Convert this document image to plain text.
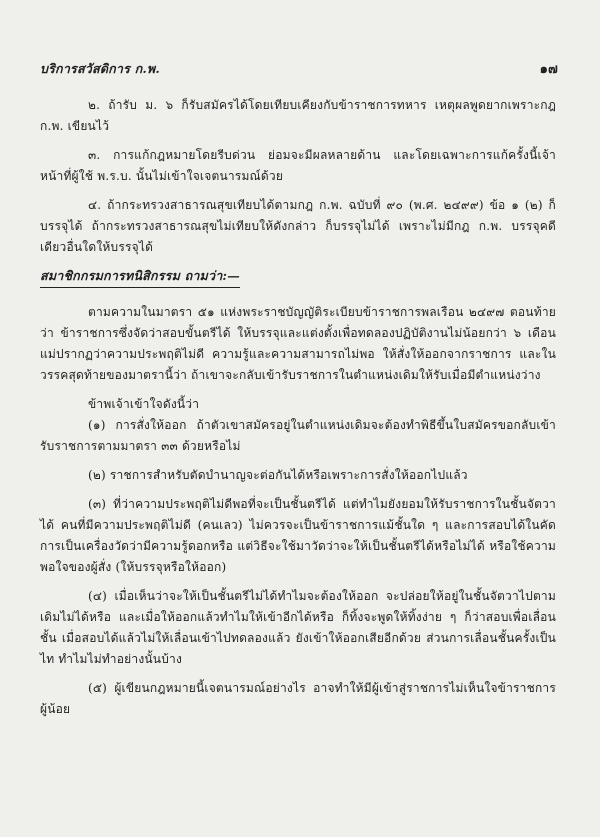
บริการสวัสดิการ ก.พ.	๑๗

๒. ถ้ารับ ม. ๖ ก็รับสมัครได้โดยเทียบเคียงกับข้าราชการทหาร เหตุผลพูดยากเพราะกฎ ก.พ. เขียนไว้

๓. การแก้กฎหมายโดยรีบด่วน ย่อมจะมีผลหลายด้าน และโดยเฉพาะการแก้ครั้งนี้เจ้าหน้าที่ผู้ใช้ พ.ร.บ. นั้นไม่เข้าใจเจตนารมณ์ด้วย

๔. ถ้ากระทรวงสาธารณสุขเทียบได้ตามกฎ ก.พ. ฉบับที่ ๙๐ (พ.ศ. ๒๔๙๙) ข้อ ๑ (๒) ก็บรรจุได้ ถ้ากระทรวงสาธารณสุขไม่เทียบให้ดังกล่าว ก็บรรจุไม่ได้ เพราะไม่มีกฎ ก.พ. บรรจุคดีเดียวอื่นใดให้บรรจุได้

สมาชิกกรมการทนิสิกรรม ถามว่า:—

ตามความในมาตรา ๕๑ แห่งพระราชบัญญัติระเบียบข้าราชการพลเรือน ๒๔๙๗ ตอนท้ายว่า ข้าราชการซึ่งจัดว่าสอบขั้นตรีได้ ให้บรรจุและแต่งตั้งเพื่อทดลองปฏิบัติงานไม่น้อยกว่า ๖ เดือนแม่ปรากฏว่าความประพฤติไม่ดี ความรู้และความสามารถไม่พอ ให้สั่งให้ออกจากราชการ และในวรรคสุดท้ายของมาตรานี้ว่า ถ้าเขาจะกลับเข้ารับราชการในตำแหน่งเดิมให้รับเมื่อมีตำแหน่งว่าง

ข้าพเจ้าเข้าใจดังนี้ว่า

(๑) การสั่งให้ออก ถ้าตัวเขาสมัครอยู่ในตำแหน่งเดิมจะต้องทำพิธีขึ้นใบสมัครขอกลับเข้ารับราชการตามมาตรา ๓๓ ด้วยหรือไม่

(๒) ราชการสำหรับตัดบำนาญจะต่อกันได้หรือเพราะการสั่งให้ออกไปแล้ว

(๓) ที่ว่าความประพฤติไม่ดีพอที่จะเป็นชั้นตรีได้ แต่ทำไมยังยอมให้รับราชการในชั้นจัตวาได้ คนที่มีความประพฤติไม่ดี (คนเลว) ไม่ควรจะเป็นข้าราชการแม้ชั้นใด ๆ และการสอบได้ในคัดการเป็นเครื่องวัดว่ามีความรู้ดอกหรือ แต่วิธีจะใช้มาวัดว่าจะให้เป็นชั้นตรีได้หรือไม่ได้ หรือใช้ความพอใจของผู้สั่ง (ให้บรรจุหรือให้ออก)

(๔) เมื่อเห็นว่าจะให้เป็นชั้นตรีไม่ได้ทำไมจะต้องให้ออก จะปล่อยให้อยู่ในชั้นจัตวาไปตามเดิมไม่ได้หรือ และเมื่อให้ออกแล้วทำไมให้เข้าอีกได้หรือ ก็ทิ้งจะพูดให้ทิ้งง่าย ๆ ก็ว่าสอบเพื่อเลื่อนชั้น เมื่อสอบได้แล้วไม่ให้เลื่อนเข้าไปทดลองแล้ว ยังเข้าให้ออกเสียอีกด้วย ส่วนการเลื่อนชั้นครั้งเป็นไท ทำไมไม่ทำอย่างนั้นบ้าง

(๕) ผู้เขียนกฎหมายนี้เจตนารมณ์อย่างไร อาจทำให้มีผู้เข้าสู่ราชการไม่เห็นใจข้าราชการผู้น้อย
